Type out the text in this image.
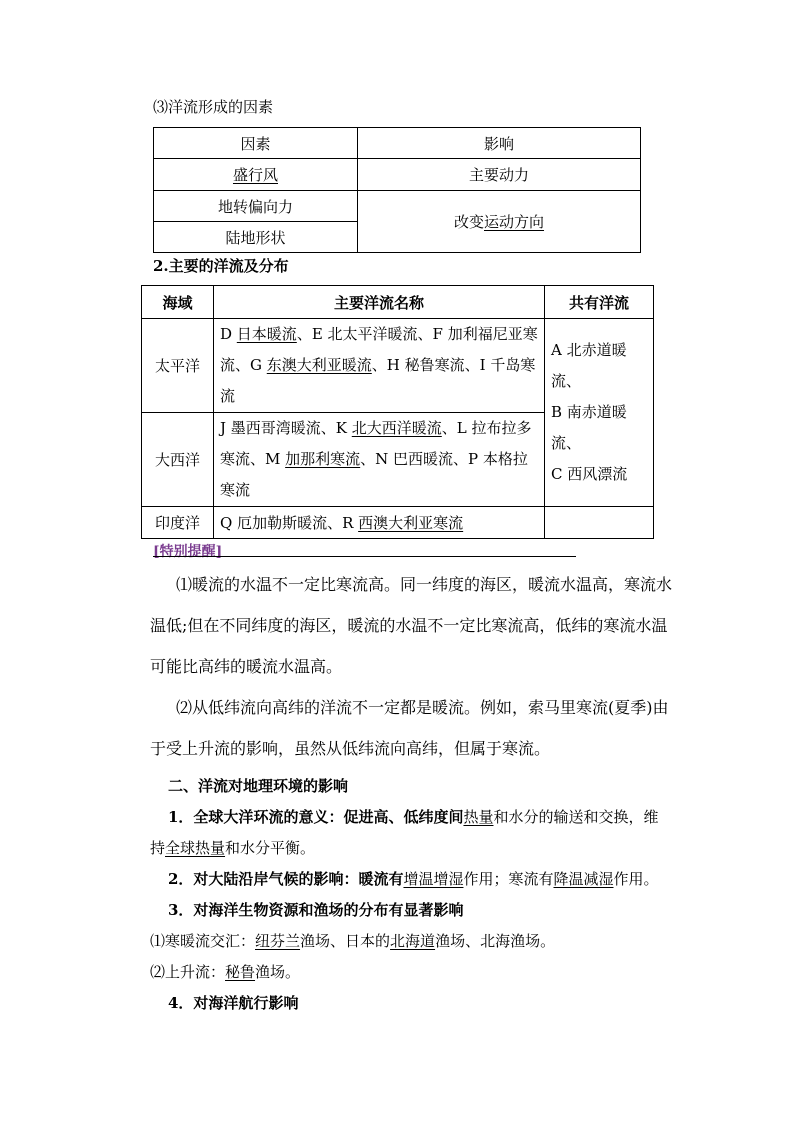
⑶洋流形成的因素
因素	影响
盛行风	主要动力
地转偏向力	改变运动方向
陆地形状	
2.主要的洋流及分布
海域	主要洋流名称	共有洋流
太平洋	D 日本暖流、E 北太平洋暖流、F 加利福尼亚寒流、G 东澳大利亚暖流、H 秘鲁寒流、I 千岛寒流	A 北赤道暖流、
B 南赤道暖流、
C 西风漂流

大西洋	J 墨西哥湾暖流、K 北大西洋暖流、L 拉布拉多寒流、M 加那利寒流、N 巴西暖流、P 本格拉寒流	
印度洋	Q 厄加勒斯暖流、R 西澳大利亚寒流	
[特别提醒]
⑴暖流的水温不一定比寒流高。同一纬度的海区，暖流水温高，寒流水温低;但在不同纬度的海区，暖流的水温不一定比寒流高，低纬的寒流水温可能比高纬的暖流水温高。
⑵从低纬流向高纬的洋流不一定都是暖流。例如，索马里寒流(夏季)由于受上升流的影响，虽然从低纬流向高纬，但属于寒流。
二、洋流对地理环境的影响
1．全球大洋环流的意义：促进高、低纬度间热量和水分的输送和交换，维
持全球热量和水分平衡。
2．对大陆沿岸气候的影响：暖流有增温增湿作用；寒流有降温减湿作用。
3．对海洋生物资源和渔场的分布有显著影响
⑴寒暖流交汇：纽芬兰渔场、日本的北海道渔场、北海渔场。
⑵上升流：秘鲁渔场。
4．对海洋航行影响
